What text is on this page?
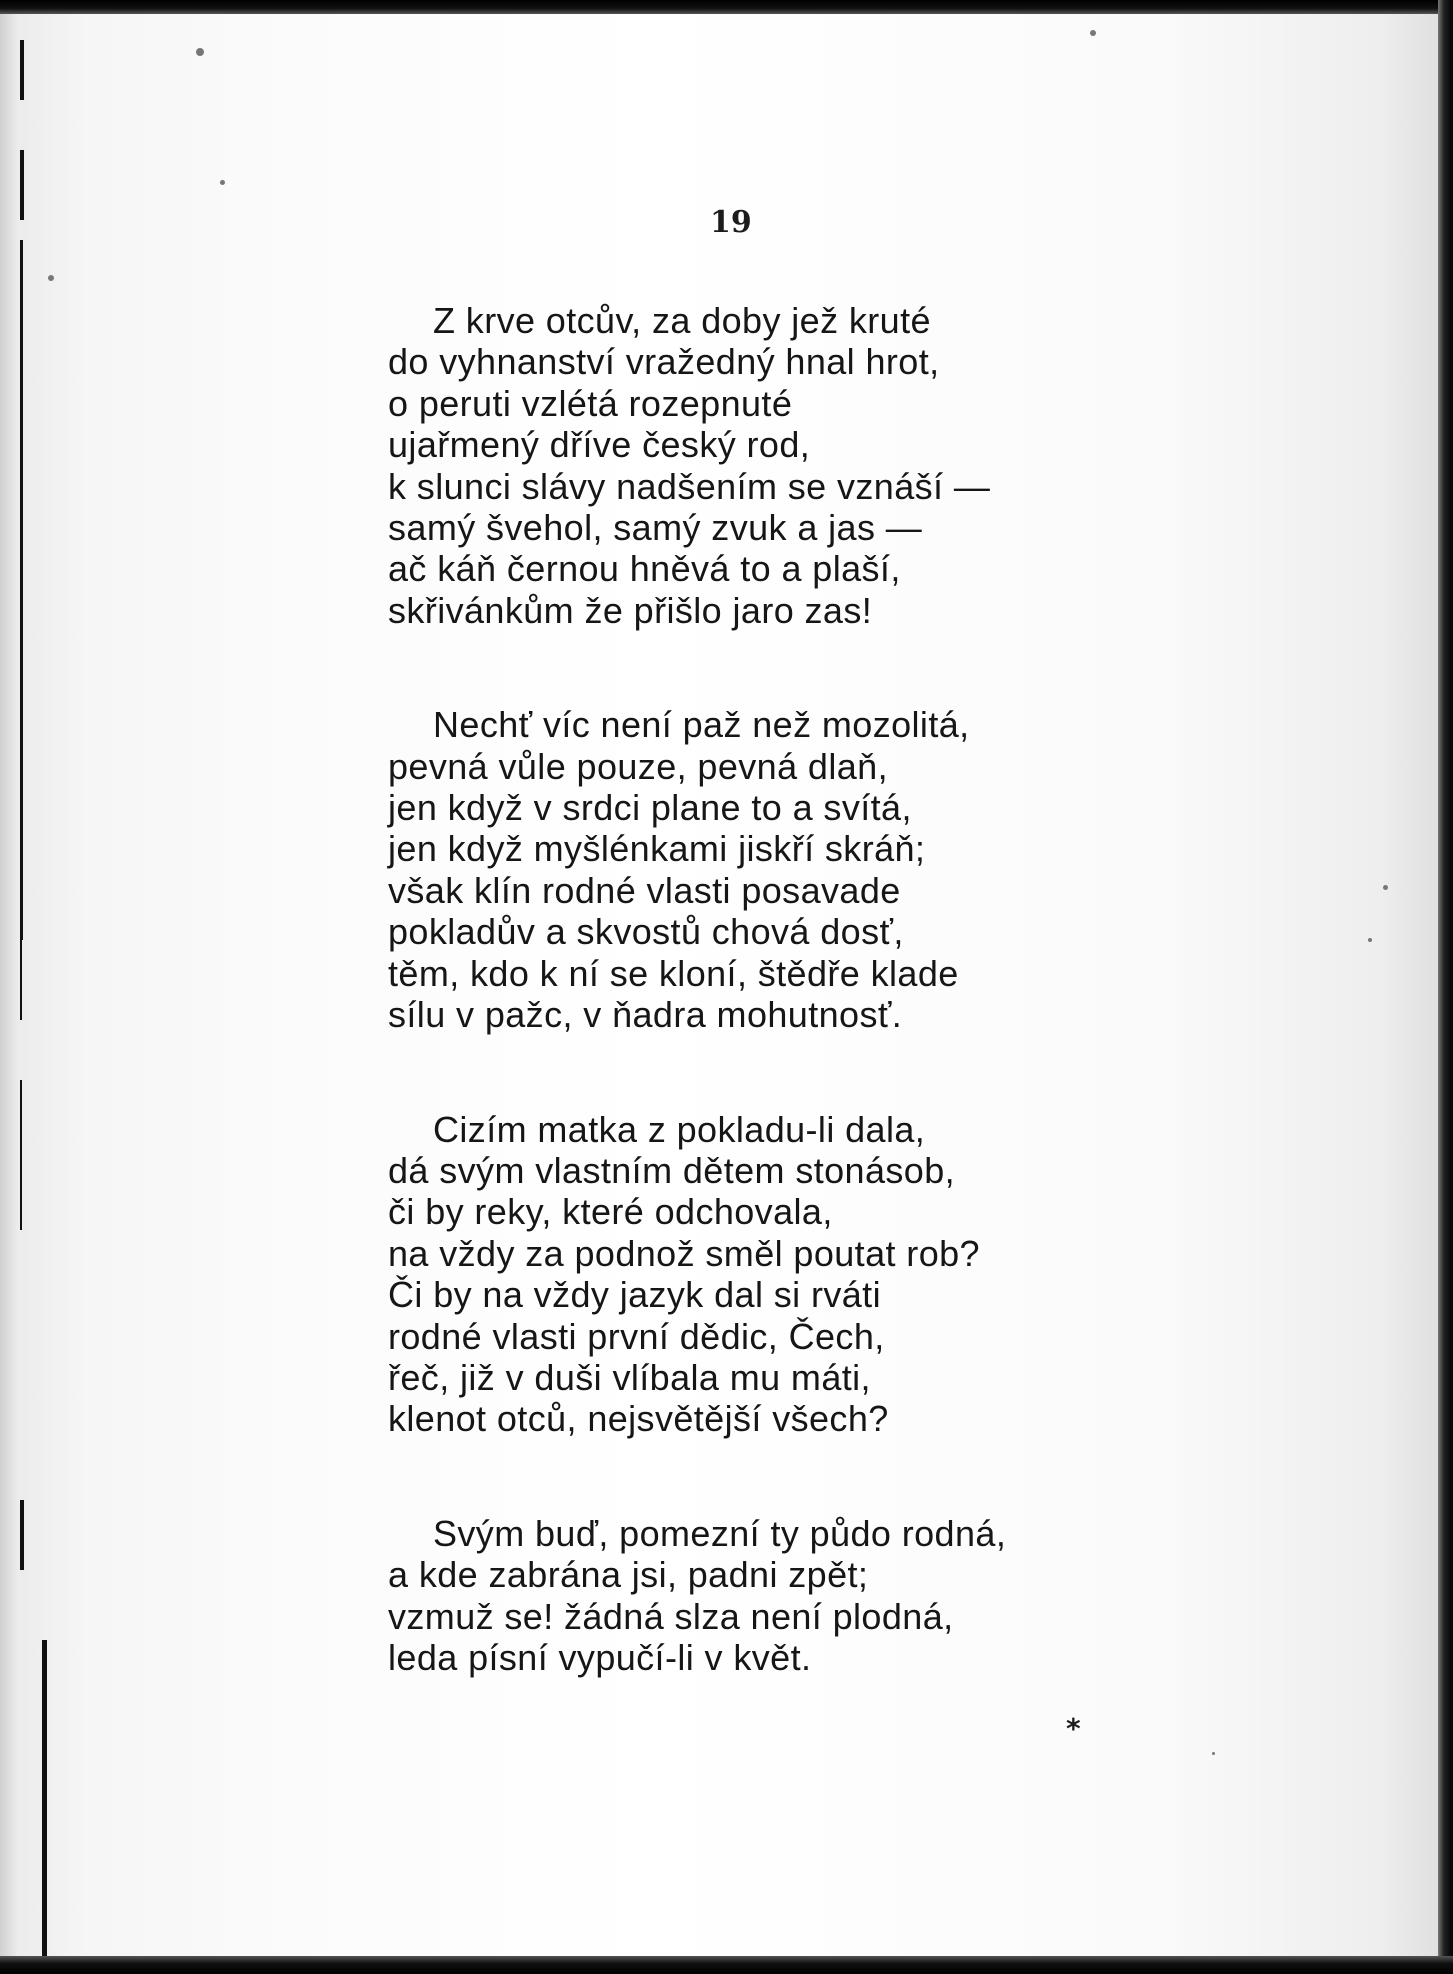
19
Z krve otcův, za doby jež kruté
do vyhnanství vražedný hnal hrot,
o peruti vzlétá rozepnuté
ujařmený dříve český rod,
k slunci slávy nadšením se vznáší —
samý švehol, samý zvuk a jas —
ač káň černou hněvá to a plaší,
skřivánkům že přišlo jaro zas!
Nechť víc není paž než mozolitá,
pevná vůle pouze, pevná dlaň,
jen když v srdci plane to a svítá,
jen když myšlénkami jiskří skráň;
však klín rodné vlasti posavade
pokladův a skvostů chová dosť,
těm, kdo k ní se kloní, štědře klade
sílu v pažc, v ňadra mohutnosť.
Cizím matka z pokladu-li dala,
dá svým vlastním dětem stonásob,
či by reky, které odchovala,
na vždy za podnož směl poutat rob?
Či by na vždy jazyk dal si rváti
rodné vlasti první dědic, Čech,
řeč, již v duši vlíbala mu máti,
klenot otců, nejsvětější všech?
Svým buď, pomezní ty půdo rodná,
a kde zabrána jsi, padni zpět;
vzmuž se! žádná slza není plodná,
leda písní vypučí-li v květ.
*
